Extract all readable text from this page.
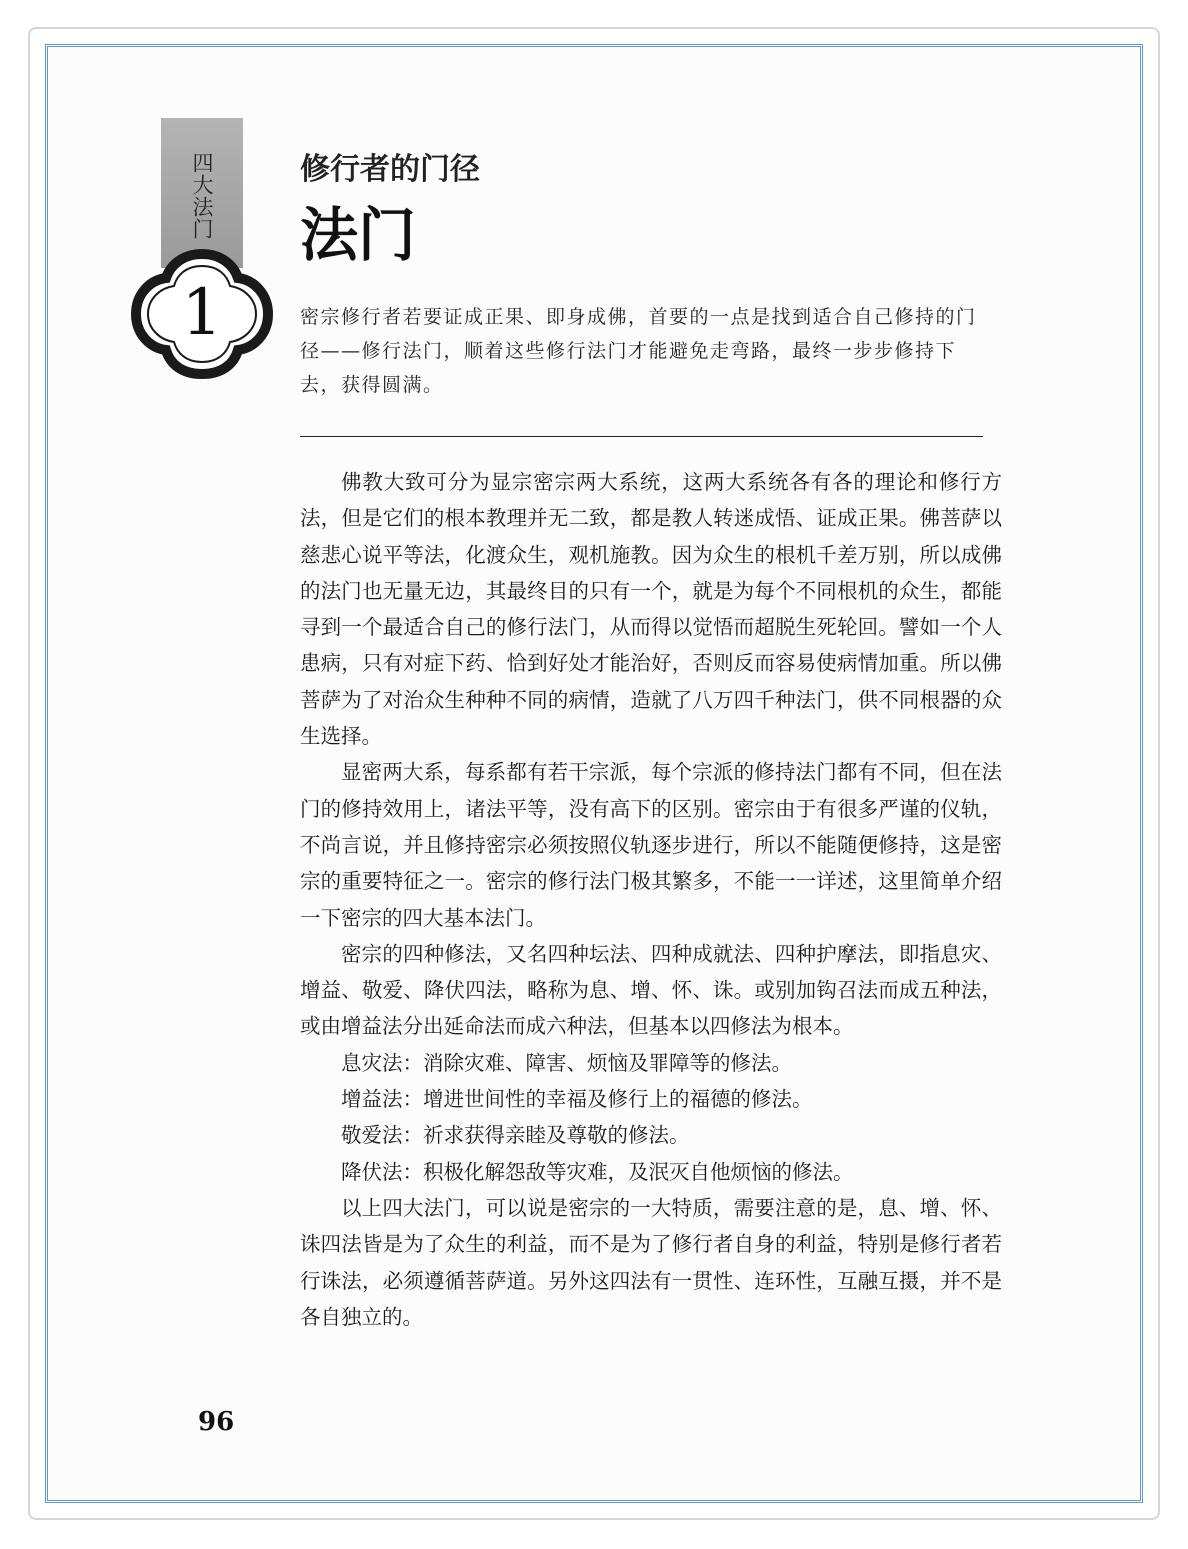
四大法门
1
修行者的门径
法门

密宗修行者若要证成正果、即身成佛，首要的一点是找到适合自己修持的门径——修行法门，顺着这些修行法门才能避免走弯路，最终一步步修持下去，获得圆满。

佛教大致可分为显宗密宗两大系统，这两大系统各有各的理论和修行方法，但是它们的根本教理并无二致，都是教人转迷成悟、证成正果。佛菩萨以慈悲心说平等法，化渡众生，观机施教。因为众生的根机千差万别，所以成佛的法门也无量无边，其最终目的只有一个，就是为每个不同根机的众生，都能寻到一个最适合自己的修行法门，从而得以觉悟而超脱生死轮回。譬如一个人患病，只有对症下药、恰到好处才能治好，否则反而容易使病情加重。所以佛菩萨为了对治众生种种不同的病情，造就了八万四千种法门，供不同根器的众生选择。

显密两大系，每系都有若干宗派，每个宗派的修持法门都有不同，但在法门的修持效用上，诸法平等，没有高下的区别。密宗由于有很多严谨的仪轨，不尚言说，并且修持密宗必须按照仪轨逐步进行，所以不能随便修持，这是密宗的重要特征之一。密宗的修行法门极其繁多，不能一一详述，这里简单介绍一下密宗的四大基本法门。

密宗的四种修法，又名四种坛法、四种成就法、四种护摩法，即指息灾、增益、敬爱、降伏四法，略称为息、增、怀、诛。或别加钩召法而成五种法，或由增益法分出延命法而成六种法，但基本以四修法为根本。

息灾法：消除灾难、障害、烦恼及罪障等的修法。

增益法：增进世间性的幸福及修行上的福德的修法。

敬爱法：祈求获得亲睦及尊敬的修法。

降伏法：积极化解怨敌等灾难，及泯灭自他烦恼的修法。

以上四大法门，可以说是密宗的一大特质，需要注意的是，息、增、怀、诛四法皆是为了众生的利益，而不是为了修行者自身的利益，特别是修行者若行诛法，必须遵循菩萨道。另外这四法有一贯性、连环性，互融互摄，并不是各自独立的。

96
